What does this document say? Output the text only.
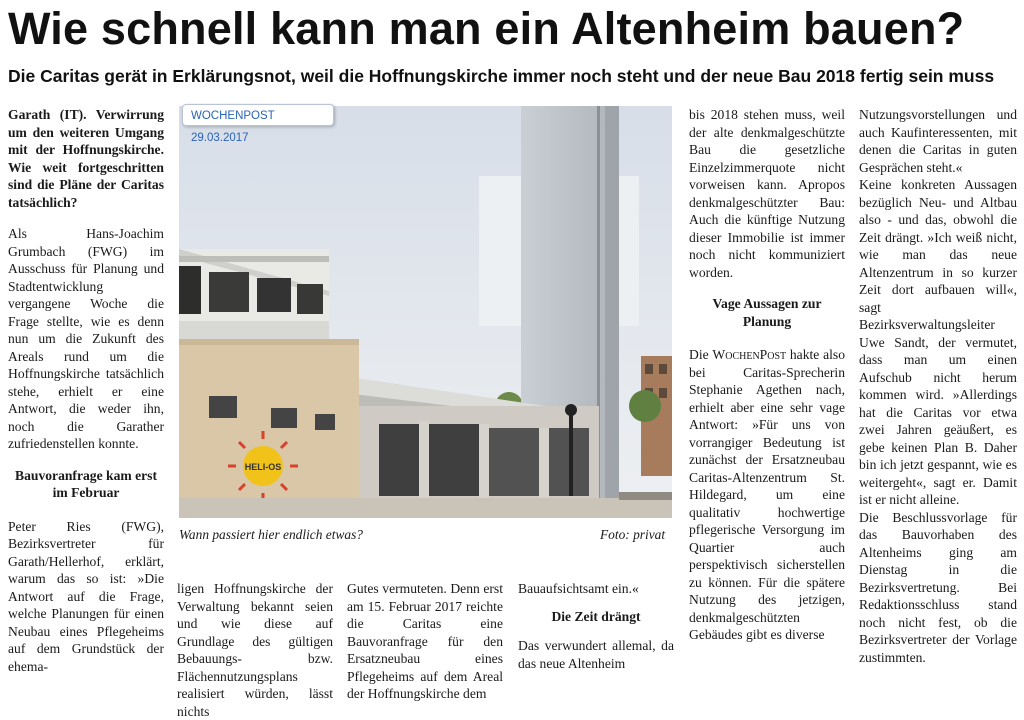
Wie schnell kann man ein Altenheim bauen?
Die Caritas gerät in Erklärungsnot, weil die Hoffnungskirche immer noch steht und der neue Bau 2018 fertig sein muss

Garath (IT). Verwirrung um den weiteren Umgang mit der Hoffnungskirche. Wie weit fortgeschritten sind die Pläne der Caritas tatsächlich?

Als Hans-Joachim Grumbach (FWG) im Ausschuss für Planung und Stadtentwicklung vergangene Woche die Frage stellte, wie es denn nun um die Zukunft des Areals rund um die Hoffnungskirche tatsächlich stehe, erhielt er eine Antwort, die weder ihn, noch die Garather zufriedenstellen konnte.

Bauvoranfrage kam erst im Februar

Peter Ries (FWG), Bezirksvertreter für Garath/Hellerhof, erklärt, warum das so ist: »Die Antwort auf die Frage, welche Planungen für einen Neubau eines Pflegeheims auf dem Grundstück der ehema-

HELI-OS
WOCHENPOST 29.03.2017
Wann passiert hier endlich etwas?	Foto: privat

ligen Hoffnungskirche der Verwaltung bekannt seien und wie diese auf Grundlage des gültigen Bebauungs- bzw. Flächennutzungsplans realisiert würden, lässt nichts

Gutes vermuteten. Denn erst am 15. Februar 2017 reichte die Caritas eine Bauvoranfrage für den Ersatzneubau eines Pflegeheims auf dem Areal der Hoffnungskirche dem

Bauaufsichtsamt ein.«

Die Zeit drängt

Das verwundert allemal, da das neue Altenheim

bis 2018 stehen muss, weil der alte denkmalgeschützte Bau die gesetzliche Einzelzimmerquote nicht vorweisen kann. Apropos denkmalgeschützter Bau: Auch die künftige Nutzung dieser Immobilie ist immer noch nicht kommuniziert worden.

Vage Aussagen zur Planung

Die WochenPost hakte also bei Caritas-Sprecherin Stephanie Agethen nach, erhielt aber eine sehr vage Antwort: »Für uns von vorrangiger Bedeutung ist zunächst der Ersatzneubau Caritas-Altenzentrum St. Hildegard, um eine qualitativ hochwertige pflegerische Versorgung im Quartier auch perspektivisch sicherstellen zu können. Für die spätere Nutzung des jetzigen, denkmalgeschützten Gebäudes gibt es diverse

Nutzungsvorstellungen und auch Kaufinteressenten, mit denen die Caritas in guten Gesprächen steht.«

Keine konkreten Aussagen bezüglich Neu- und Altbau also - und das, obwohl die Zeit drängt. »Ich weiß nicht, wie man das neue Altenzentrum in so kurzer Zeit dort aufbauen will«, sagt Bezirksverwaltungsleiter Uwe Sandt, der vermutet, dass man um einen Aufschub nicht herum kommen wird. »Allerdings hat die Caritas vor etwa zwei Jahren geäußert, es gebe keinen Plan B. Daher bin ich jetzt gespannt, wie es weitergeht«, sagt er. Damit ist er nicht alleine.

Die Beschlussvorlage für das Bauvorhaben des Altenheims ging am Dienstag in die Bezirksvertretung. Bei Redaktionsschluss stand noch nicht fest, ob die Bezirksvertreter der Vorlage zustimmten.
